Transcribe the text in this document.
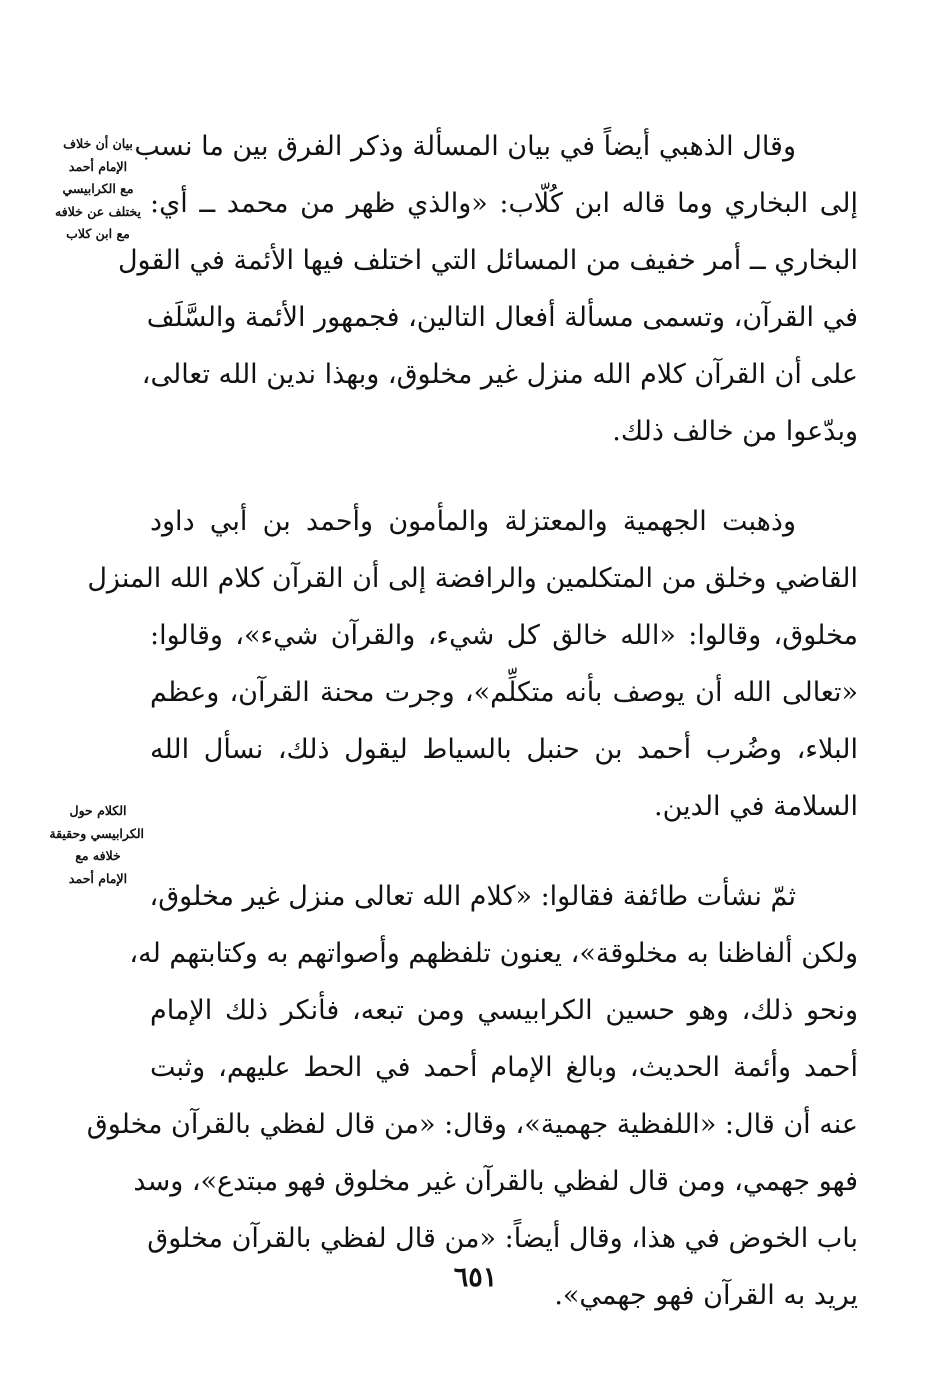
بيان أن خلاف
الإمام أحمد
مع الكرابيسي
يختلف عن خلافه
مع ابن كلاب
الكلام حول
الكرابيسي وحقيقة
خلافه مع
الإمام أحمد
وقال الذهبي أيضاً في بيان المسألة وذكر الفرق بين ما نسب
إلى البخاري وما قاله ابن كُلّاب: «والذي ظهر من محمد ــ أي:
البخاري ــ أمر خفيف من المسائل التي اختلف فيها الأئمة في القول
في القرآن، وتسمى مسألة أفعال التالين، فجمهور الأئمة والسَّلَف
على أن القرآن كلام الله منزل غير مخلوق، وبهذا ندين الله تعالى،
وبدّعوا من خالف ذلك.
وذهبت الجهمية والمعتزلة والمأمون وأحمد بن أبي داود
القاضي وخلق من المتكلمين والرافضة إلى أن القرآن كلام الله المنزل
مخلوق، وقالوا: «الله خالق كل شيء، والقرآن شيء»، وقالوا:
«تعالى الله أن يوصف بأنه متكلِّم»، وجرت محنة القرآن، وعظم
البلاء، وضُرب أحمد بن حنبل بالسياط ليقول ذلك، نسأل الله
السلامة في الدين.
ثمّ نشأت طائفة فقالوا: «كلام الله تعالى منزل غير مخلوق،
ولكن ألفاظنا به مخلوقة»، يعنون تلفظهم وأصواتهم به وكتابتهم له،
ونحو ذلك، وهو حسين الكرابيسي ومن تبعه، فأنكر ذلك الإمام
أحمد وأئمة الحديث، وبالغ الإمام أحمد في الحط عليهم، وثبت
عنه أن قال: «اللفظية جهمية»، وقال: «من قال لفظي بالقرآن مخلوق
فهو جهمي، ومن قال لفظي بالقرآن غير مخلوق فهو مبتدع»، وسد
باب الخوض في هذا، وقال أيضاً: «من قال لفظي بالقرآن مخلوق
يريد به القرآن فهو جهمي».
٦٥١
